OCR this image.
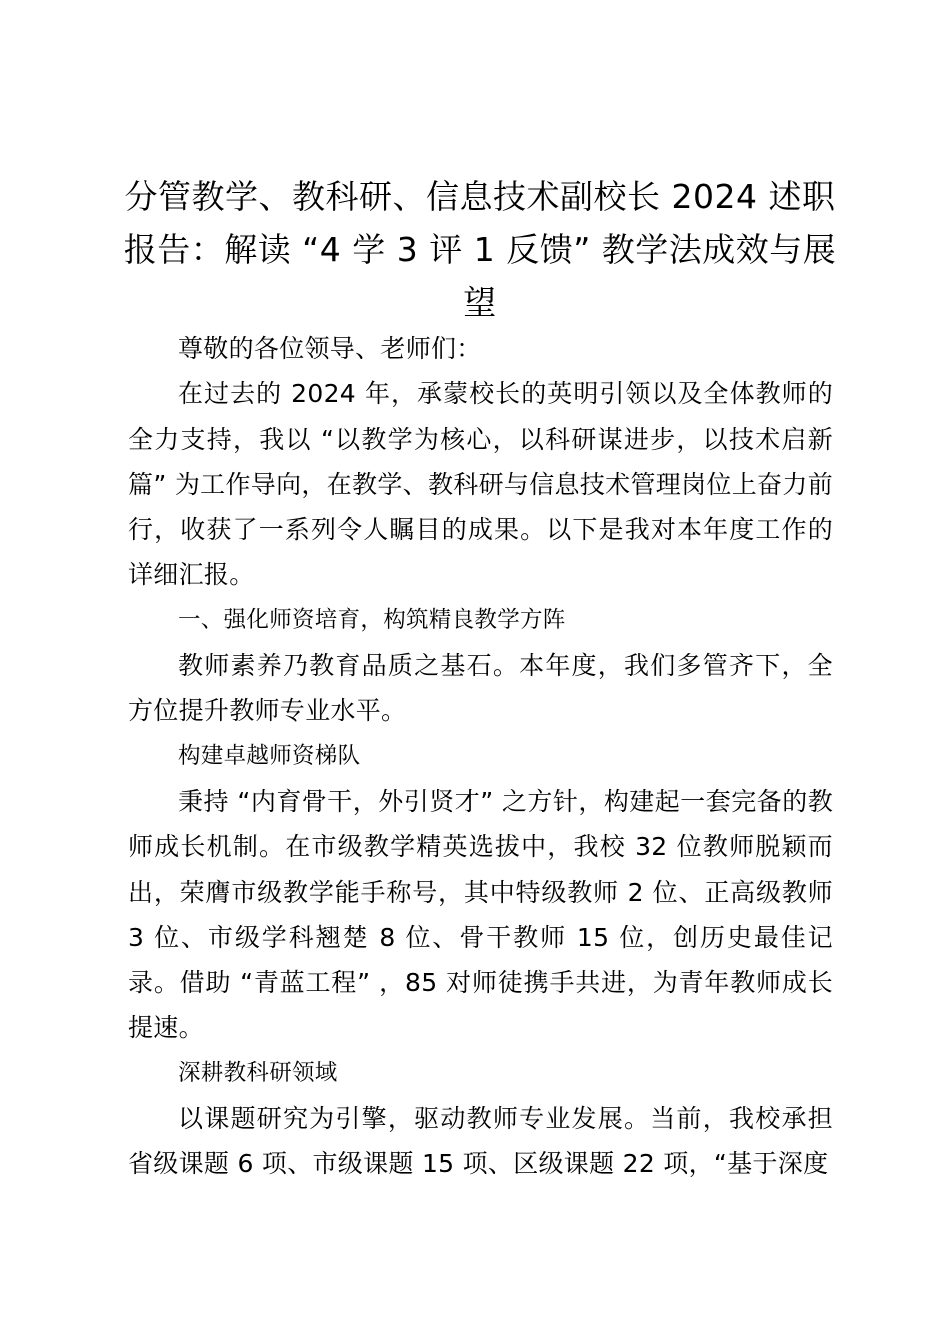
分管教学、教科研、信息技术副校长 2024 述职报告：解读 “4 学 3 评 1 反馈” 教学法成效与展望

尊敬的各位领导、老师们：

在过去的 2024 年，承蒙校长的英明引领以及全体教师的全力支持，我以 “以教学为核心，以科研谋进步，以技术启新篇” 为工作导向，在教学、教科研与信息技术管理岗位上奋力前行，收获了一系列令人瞩目的成果。以下是我对本年度工作的详细汇报。

一、强化师资培育，构筑精良教学方阵

教师素养乃教育品质之基石。本年度，我们多管齐下，全方位提升教师专业水平。

构建卓越师资梯队

秉持 “内育骨干，外引贤才” 之方针，构建起一套完备的教师成长机制。在市级教学精英选拔中，我校 32 位教师脱颖而出，荣膺市级教学能手称号，其中特级教师 2 位、正高级教师 3 位、市级学科翘楚 8 位、骨干教师 15 位，创历史最佳记录。借助 “青蓝工程” ，85 对师徒携手共进，为青年教师成长提速。

深耕教科研领域

以课题研究为引擎，驱动教师专业发展。当前，我校承担省级课题 6 项、市级课题 15 项、区级课题 22 项，“基于深度
